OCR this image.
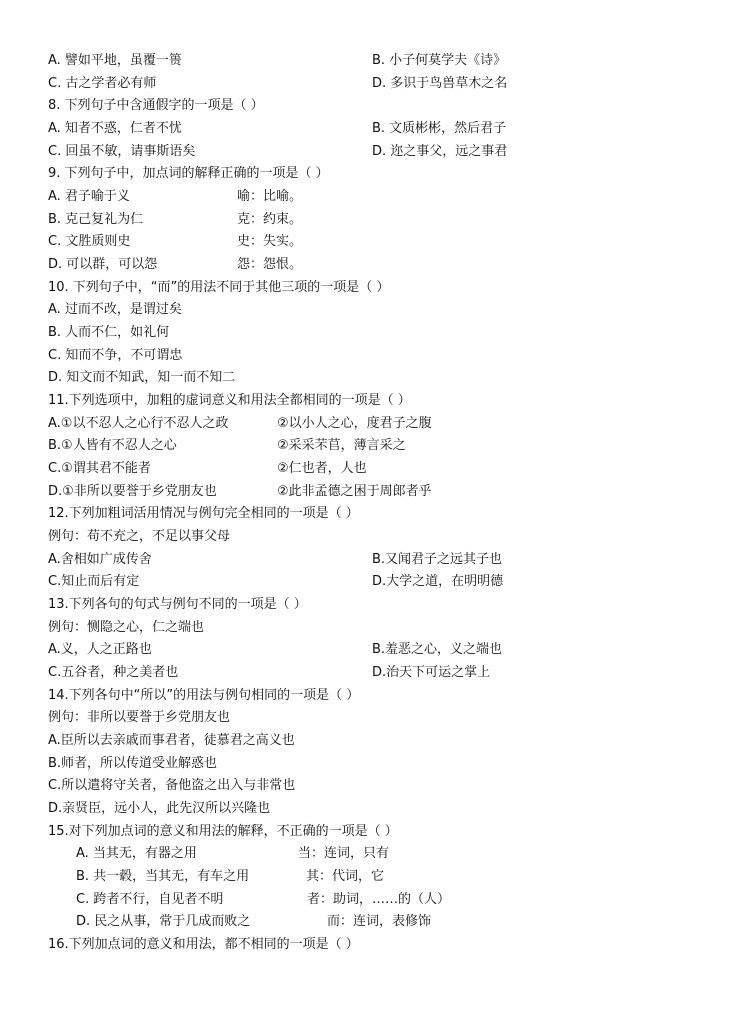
A. 譬如平地，虽覆一篑	B. 小子何莫学夫《诗》
C. 古之学者必有师	D. 多识于鸟兽草木之名
8. 下列句子中含通假字的一项是（ ）
A. 知者不惑，仁者不忧	B. 文质彬彬，然后君子
C. 回虽不敏，请事斯语矣	D. 迩之事父，远之事君
9. 下列句子中，加点词的解释正确的一项是（ ）
A. 君子喻于义	喻：比喻。
B. 克己复礼为仁	克：约束。
C. 文胜质则史	史：失实。
D. 可以群，可以怨	怨：怨恨。
10. 下列句子中，“而”的用法不同于其他三项的一项是（ ）
A. 过而不改，是谓过矣
B. 人而不仁，如礼何
C. 知而不争，不可谓忠
D. 知文而不知武，知一而不知二
11.下列选项中，加粗的虚词意义和用法全都相同的一项是（ ）
A.①以不忍人之心行不忍人之政	②以小人之心，度君子之腹
B.①人皆有不忍人之心	②采采芣苢，薄言采之
C.①谓其君不能者	②仁也者，人也
D.①非所以要誉于乡党朋友也	②此非孟德之困于周郎者乎
12.下列加粗词活用情况与例句完全相同的一项是（ ）
例句：苟不充之，不足以事父母
A.舍相如广成传舍	B.又闻君子之远其子也
C.知止而后有定	D.大学之道，在明明德
13.下列各句的句式与例句不同的一项是（ ）
例句：恻隐之心，仁之端也
A.义，人之正路也	B.羞恶之心，义之端也
C.五谷者，种之美者也	D.治天下可运之掌上
14.下列各句中“所以”的用法与例句相同的一项是（ ）
例句：非所以要誉于乡党朋友也
A.臣所以去亲戚而事君者，徒慕君之高义也
B.师者，所以传道受业解惑也
C.所以遣将守关者，备他盗之出入与非常也
D.亲贤臣，远小人，此先汉所以兴隆也
15.对下列加点词的意义和用法的解释，不正确的一项是（ ）
A. 当其无，有器之用	当：连词，只有
B. 共一毂，当其无，有车之用	其：代词，它
C. 跨者不行，自见者不明	者：助词，……的（人）
D. 民之从事，常于几成而败之	而：连词，表修饰
16.下列加点词的意义和用法，都不相同的一项是（ ）
